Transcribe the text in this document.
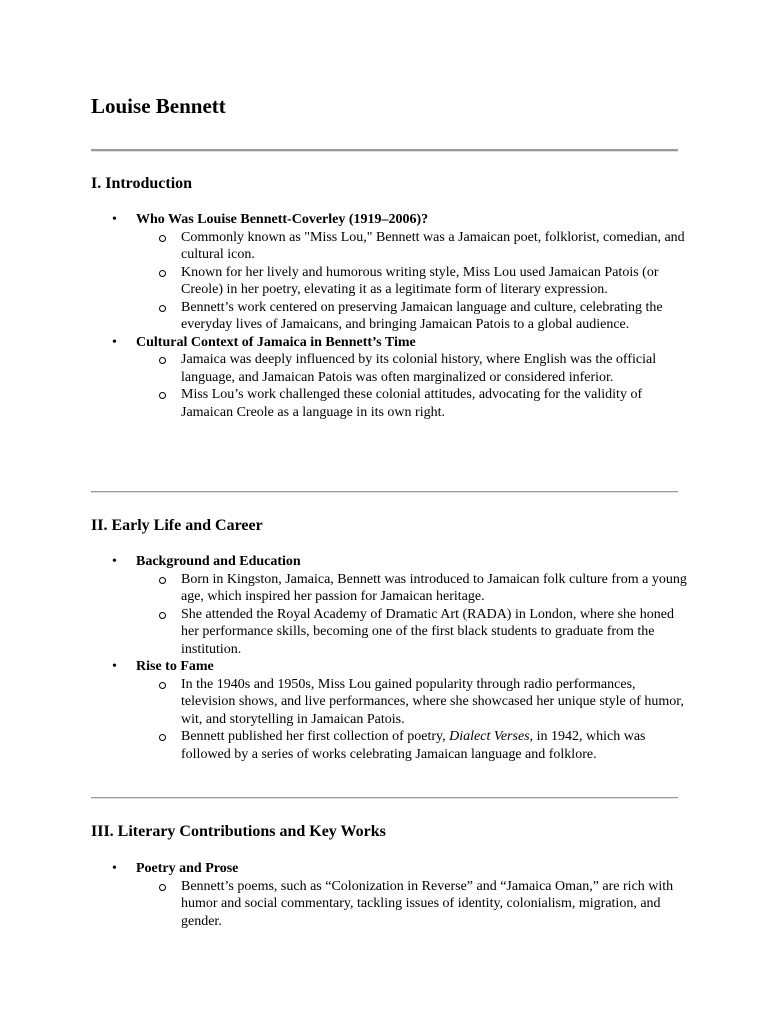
Louise Bennett
I. Introduction
• Who Was Louise Bennett-Coverley (1919–2006)?
Commonly known as "Miss Lou," Bennett was a Jamaican poet, folklorist, comedian, and cultural icon.
Known for her lively and humorous writing style, Miss Lou used Jamaican Patois (or Creole) in her poetry, elevating it as a legitimate form of literary expression.
Bennett’s work centered on preserving Jamaican language and culture, celebrating the everyday lives of Jamaicans, and bringing Jamaican Patois to a global audience.
• Cultural Context of Jamaica in Bennett’s Time
Jamaica was deeply influenced by its colonial history, where English was the official language, and Jamaican Patois was often marginalized or considered inferior.
Miss Lou’s work challenged these colonial attitudes, advocating for the validity of Jamaican Creole as a language in its own right.
II. Early Life and Career
• Background and Education
Born in Kingston, Jamaica, Bennett was introduced to Jamaican folk culture from a young age, which inspired her passion for Jamaican heritage.
She attended the Royal Academy of Dramatic Art (RADA) in London, where she honed her performance skills, becoming one of the first black students to graduate from the institution.
• Rise to Fame
In the 1940s and 1950s, Miss Lou gained popularity through radio performances, television shows, and live performances, where she showcased her unique style of humor, wit, and storytelling in Jamaican Patois.
Bennett published her first collection of poetry, Dialect Verses, in 1942, which was followed by a series of works celebrating Jamaican language and folklore.
III. Literary Contributions and Key Works
• Poetry and Prose
Bennett’s poems, such as “Colonization in Reverse” and “Jamaica Oman,” are rich with humor and social commentary, tackling issues of identity, colonialism, migration, and gender.
